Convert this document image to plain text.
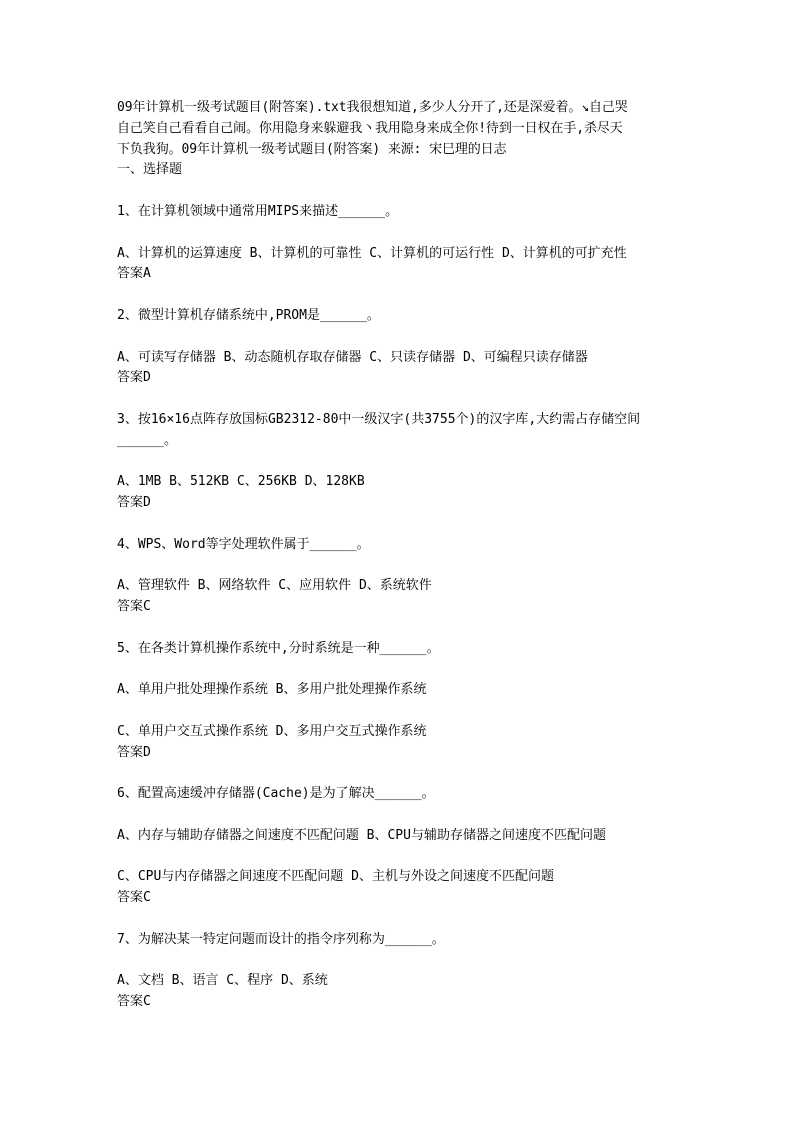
09年计算机一级考试题目(附答案).txt我很想知道,多少人分开了,还是深爱着。↘自己哭
自己笑自己看看自己闹。你用隐身来躲避我丶我用隐身来成全你!待到一日权在手,杀尽天
下负我狗。09年计算机一级考试题目(附答案) 来源: 宋巳理的日志
一、选择题
1、在计算机领域中通常用MIPS来描述______。
A、计算机的运算速度 B、计算机的可靠性 C、计算机的可运行性 D、计算机的可扩充性
答案A
2、微型计算机存储系统中,PROM是______。
A、可读写存储器 B、动态随机存取存储器 C、只读存储器 D、可编程只读存储器
答案D
3、按16×16点阵存放国标GB2312-80中一级汉字(共3755个)的汉字库,大约需占存储空间
______。
A、1MB B、512KB C、256KB D、128KB
答案D
4、WPS、Word等字处理软件属于______。
A、管理软件 B、网络软件 C、应用软件 D、系统软件
答案C
5、在各类计算机操作系统中,分时系统是一种______。
A、单用户批处理操作系统 B、多用户批处理操作系统
C、单用户交互式操作系统 D、多用户交互式操作系统
答案D
6、配置高速缓冲存储器(Cache)是为了解决______。
A、内存与辅助存储器之间速度不匹配问题 B、CPU与辅助存储器之间速度不匹配问题
C、CPU与内存储器之间速度不匹配问题 D、主机与外设之间速度不匹配问题
答案C
7、为解决某一特定问题而设计的指令序列称为______。
A、文档 B、语言 C、程序 D、系统
答案C
